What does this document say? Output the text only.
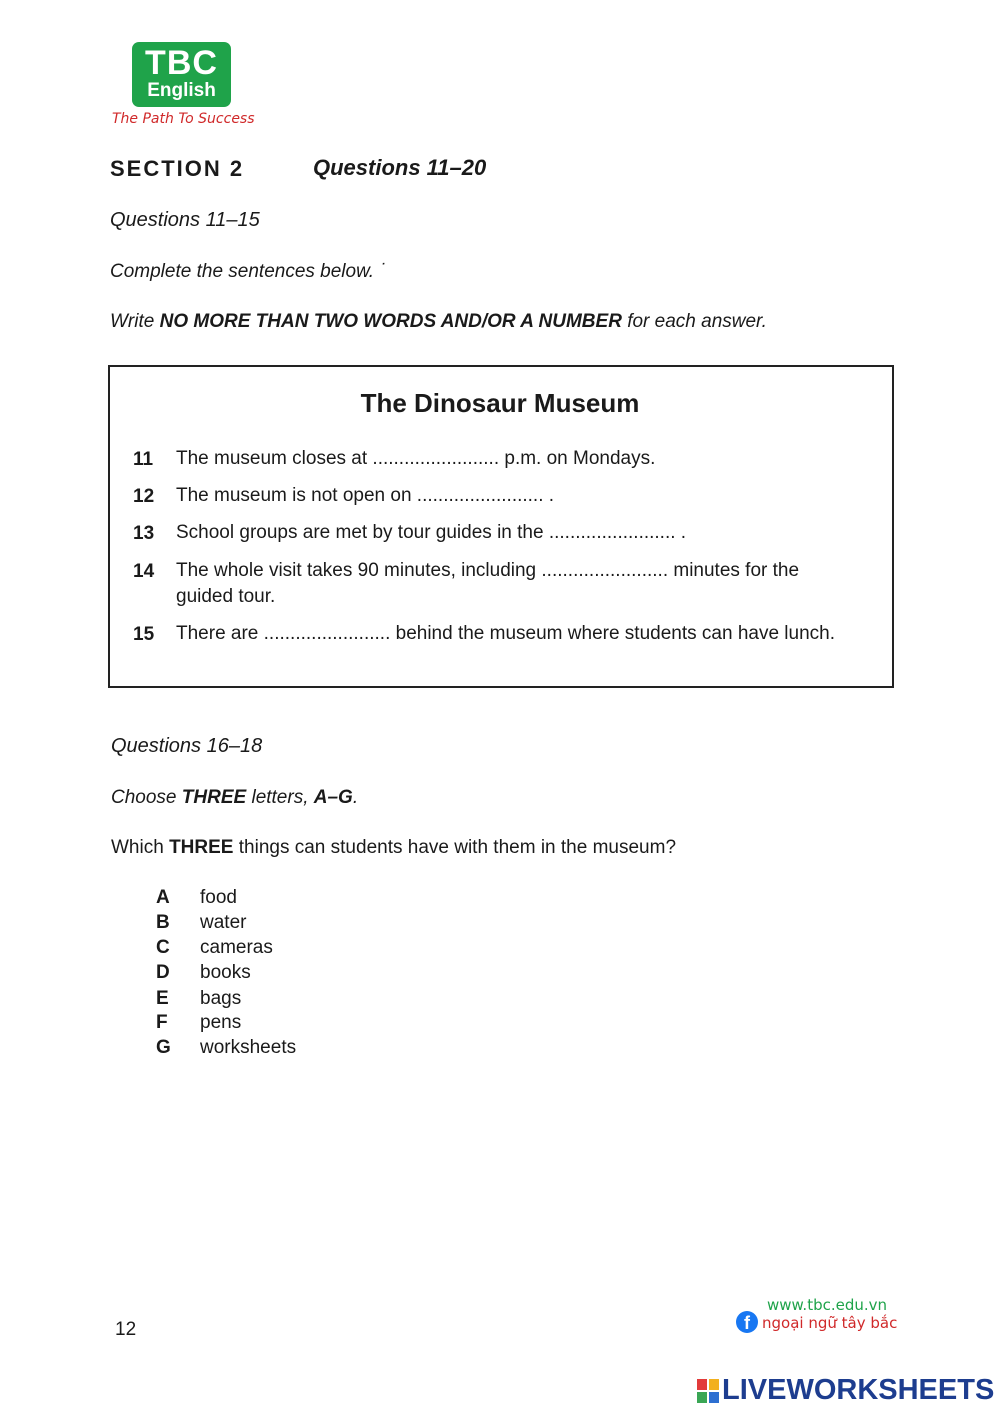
TBC
English
The Path To Success
SECTION 2	Questions 11–20
Questions 11–15
Complete the sentences below. ˙
Write NO MORE THAN TWO WORDS AND/OR A NUMBER for each answer.
The Dinosaur Museum
11 The museum closes at ........................ p.m. on Mondays.
12 The museum is not open on ........................ .
13 School groups are met by tour guides in the ........................ .
14 The whole visit takes 90 minutes, including ........................ minutes for the guided tour.
15 There are ........................ behind the museum where students can have lunch.
Questions 16–18
Choose THREE letters, A–G.
Which THREE things can students have with them in the museum?
A food
B water
C cameras
D books
E bags
F pens
G worksheets
12
www.tbc.edu.vn
f ngoại ngữ tây bắc
LIVEWORKSHEETS
